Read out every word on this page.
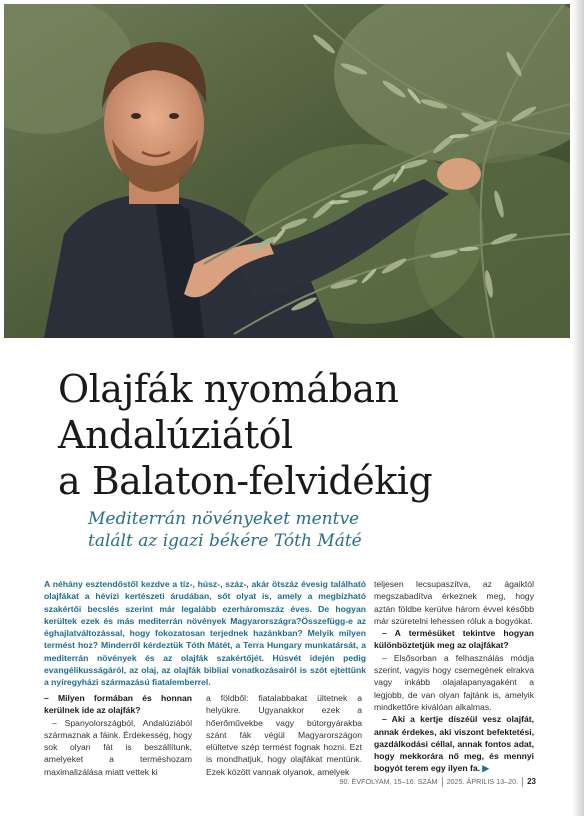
Olajfák nyomában
Andalúziától
a Balaton-felvidékig
Mediterrán növényeket mentve
talált az igazi békére Tóth Máté

A néhány esztendőstől kezdve a tíz-, húsz-, száz-, akár ötszáz évesig található olajfákat a hévízi kertészeti árudában, sőt olyat is, amely a megbízható szakértői becslés szerint már legalább ezerháromszáz éves. De hogyan kerültek ezek és más mediterrán növények Magyarországra?Összefügg-e az éghajlatváltozással, hogy fokozatosan terjednek hazánkban? Melyik milyen termést hoz? Minderről kérdeztük Tóth Mátét, a Terra Hungary munkatársát, a mediterrán növények és az olajfák szakértőjét. Húsvét idején pedig evangélikusságáról, az olaj, az olajfák bibliai vonatkozásairól is szót ejtettünk a nyíregyházi származású fiatalemberrel.

– Milyen formában és honnan kerülnek ide az olajfák?

– Spanyolországból, Andalúziából származnak a fáink. Érdekesség, hogy sok olyan fát is beszállítunk, amelyeket a terméshozam maximalizálása miatt vettek ki

a földből: fiatalabbakat ültetnek a helyükre. Ugyanakkor ezek a hőerőművekbe vagy bútorgyárakba szánt fák végül Magyarországon elültetve szép termést fognak hozni. Ezt is mondhatjuk, hogy olajfákat mentünk. Ezek között vannak olyanok, amelyek

teljesen lecsupaszítva, az ágaiktól megszabadítva érkeznek meg, hogy aztán földbe kerülve három évvel később már szüretelni lehessen róluk a bogyókat.

– A termésüket tekintve hogyan különböztetjük meg az olajfákat?

– Elsősorban a felhasználás módja szerint, vagyis hogy csemegének elrakva vagy inkább olajalapanyagaként a legjobb, de van olyan fajtánk is, amelyik mindkettőre kiválóan alkalmas.

– Aki a kertje díszéül vesz olajfát, annak érdekes, aki viszont befektetési, gazdálkodási céllal, annak fontos adat, hogy mekkorára nő meg, és mennyi bogyót terem egy ilyen fa. ▶

90. ÉVFOLYAM, 15–16. SZÁM 2025. ÁPRILIS 13–20. 23
